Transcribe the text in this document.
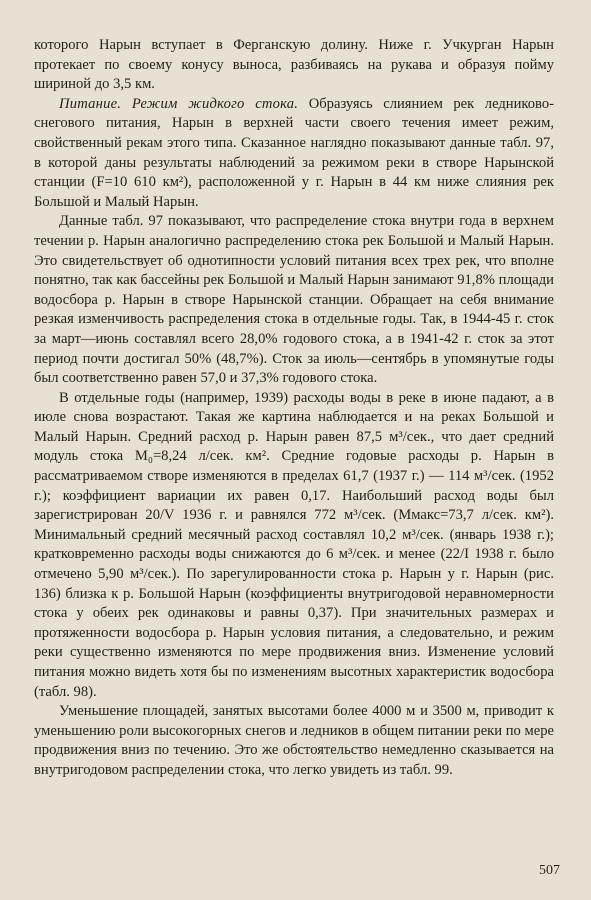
которого Нарын вступает в Ферганскую долину. Ниже г. Учкурган Нарын протекает по своему конусу выноса, разбиваясь на рукава и образуя пойму шириной до 3,5 км.

Питание. Режим жидкого стока. Образуясь слиянием рек ледниково-снегового питания, Нарын в верхней части своего течения имеет режим, свойственный рекам этого типа. Сказанное наглядно показывают данные табл. 97, в которой даны результаты наблюдений за режимом реки в створе Нарынской станции (F=10 610 км²), расположенной у г. Нарын в 44 км ниже слияния рек Большой и Малый Нарын.

Данные табл. 97 показывают, что распределение стока внутри года в верхнем течении р. Нарын аналогично распределению стока рек Большой и Малый Нарын. Это свидетельствует об однотипности условий питания всех трех рек, что вполне понятно, так как бассейны рек Большой и Малый Нарын занимают 91,8% площади водосбора р. Нарын в створе Нарынской станции. Обращает на себя внимание резкая изменчивость распределения стока в отдельные годы. Так, в 1944-45 г. сток за март—июнь составлял всего 28,0% годового стока, а в 1941-42 г. сток за этот период почти достигал 50% (48,7%). Сток за июль—сентябрь в упомянутые годы был соответственно равен 57,0 и 37,3% годового стока.

В отдельные годы (например, 1939) расходы воды в реке в июне падают, а в июле снова возрастают. Такая же картина наблюдается и на реках Большой и Малый Нарын. Средний расход р. Нарын равен 87,5 м³/сек., что дает средний модуль стока M₀=8,24 л/сек. км². Средние годовые расходы р. Нарын в рассматриваемом створе изменяются в пределах 61,7 (1937 г.) — 114 м³/сек. (1952 г.); коэффициент вариации их равен 0,17. Наибольший расход воды был зарегистрирован 20/V 1936 г. и равнялся 772 м³/сек. (Mмакс=73,7 л/сек. км²). Минимальный средний месячный расход составлял 10,2 м³/сек. (январь 1938 г.); кратковременно расходы воды снижаются до 6 м³/сек. и менее (22/I 1938 г. было отмечено 5,90 м³/сек.). По зарегулированности стока р. Нарын у г. Нарын (рис. 136) близка к р. Большой Нарын (коэффициенты внутригодовой неравномерности стока у обеих рек одинаковы и равны 0,37). При значительных размерах и протяженности водосбора р. Нарын условия питания, а следовательно, и режим реки существенно изменяются по мере продвижения вниз. Изменение условий питания можно видеть хотя бы по изменениям высотных характеристик водосбора (табл. 98).

Уменьшение площадей, занятых высотами более 4000 м и 3500 м, приводит к уменьшению роли высокогорных снегов и ледников в общем питании реки по мере продвижения вниз по течению. Это же обстоятельство немедленно сказывается на внутригодовом распределении стока, что легко увидеть из табл. 99.

507
